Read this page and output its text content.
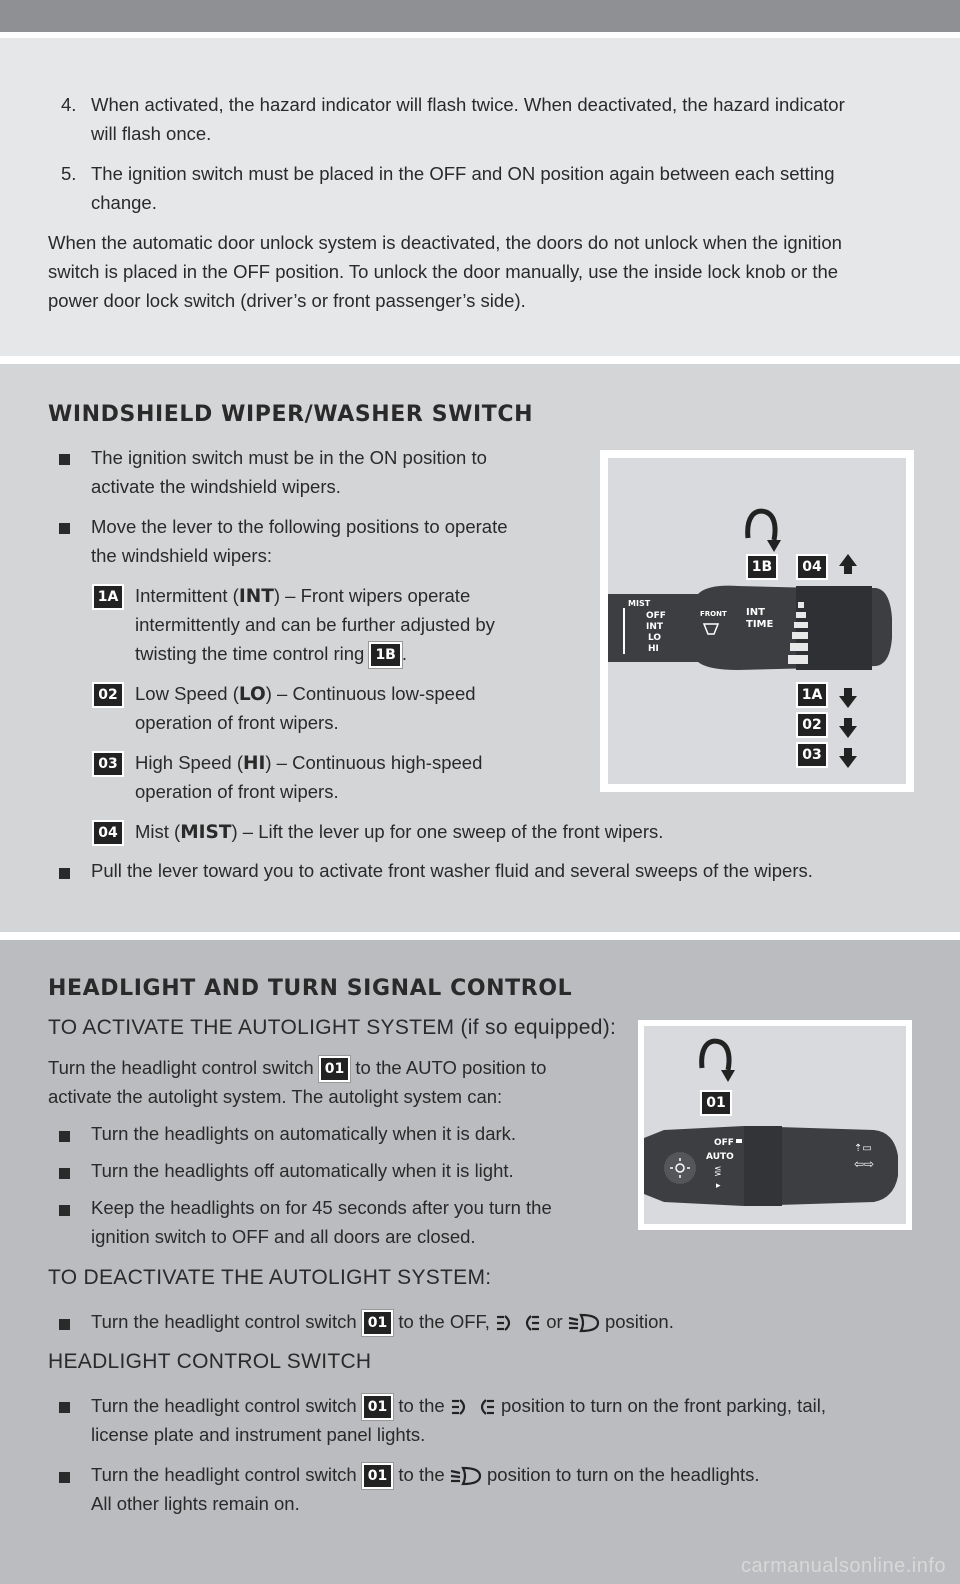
4. When activated, the hazard indicator will flash twice. When deactivated, the hazard indicator
will flash once.
5. The ignition switch must be placed in the OFF and ON position again between each setting
change.
When the automatic door unlock system is deactivated, the doors do not unlock when the ignition
switch is placed in the OFF position. To unlock the door manually, use the inside lock knob or the
power door lock switch (driver’s or front passenger’s side).
WINDSHIELD WIPER/WASHER SWITCH
The ignition switch must be in the ON position to
activate the windshield wipers.
Move the lever to the following positions to operate
the windshield wipers:
1A Intermittent (INT) – Front wipers operate
intermittently and can be further adjusted by
twisting the time control ring 1B .
02 Low Speed (LO) – Continuous low-speed
operation of front wipers.
03 High Speed (HI) – Continuous high-speed
operation of front wipers.
04 Mist (MIST) – Lift the lever up for one sweep of the front wipers.
Pull the lever toward you to activate front washer fluid and several sweeps of the wipers.
MIST
OFF
INT
LO
HI
FRONT INT
TIME
1B	04
1A
02
03
HEADLIGHT AND TURN SIGNAL CONTROL
TO ACTIVATE THE AUTOLIGHT SYSTEM (if so equipped):
Turn the headlight control switch 01 to the AUTO position to
activate the autolight system. The autolight system can:
Turn the headlights on automatically when it is dark.
Turn the headlights off automatically when it is light.
Keep the headlights on for 45 seconds after you turn the
ignition switch to OFF and all doors are closed.
TO DEACTIVATE THE AUTOLIGHT SYSTEM:
Turn the headlight control switch 01 to the OFF,	or position.
HEADLIGHT CONTROL SWITCH
Turn the headlight control switch 01 to the	position to turn on the front parking, tail,
license plate and instrument panel lights.
Turn the headlight control switch 01 to the position to turn on the headlights.
All other lights remain on.
OFF
AUTO
⋚
▸
⇡▭
⇦⇨
01
carmanualsonline.info
